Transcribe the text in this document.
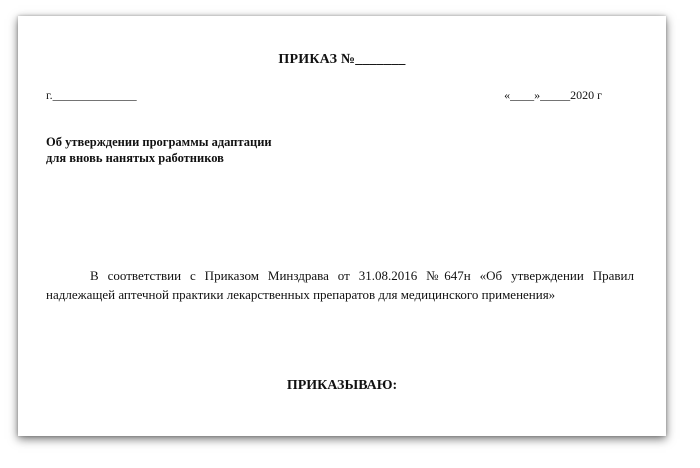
ПРИКАЗ №_______
г.______________	«____»_____2020 г
Об утверждении программы адаптации
для вновь нанятых работников
В соответствии с Приказом Минздрава от 31.08.2016 №647н «Об утверждении Правил надлежащей аптечной практики лекарственных препаратов для медицинского применения»
ПРИКАЗЫВАЮ:
